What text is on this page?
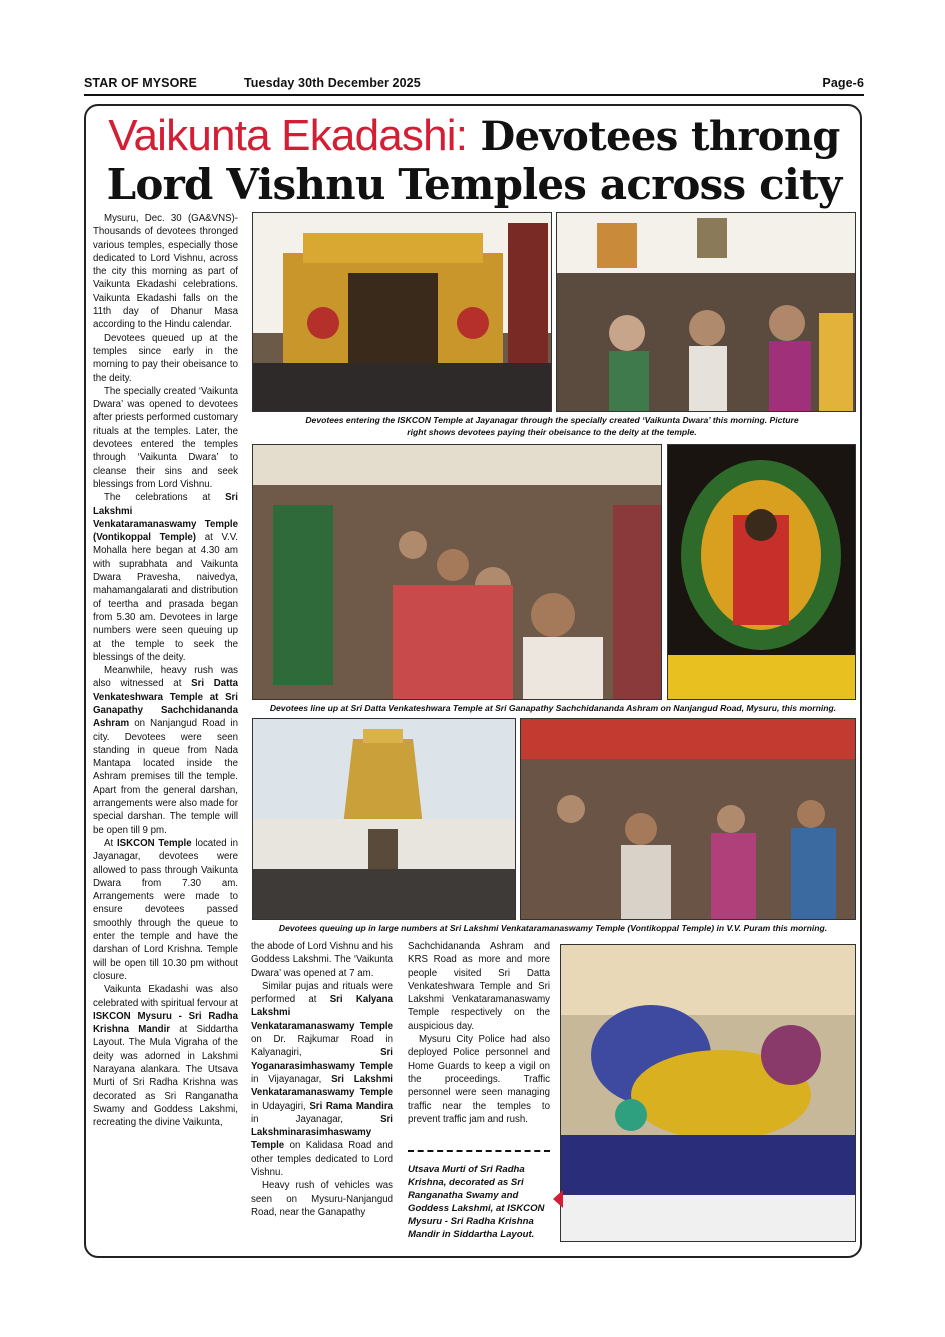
STAR OF MYSORE	Tuesday 30th December 2025	Page-6
Vaikunta Ekadashi: Devotees throng
Lord Vishnu Temples across city

Mysuru, Dec. 30 (GA&VNS)- Thousands of devotees thronged various temples, especially those dedicated to Lord Vishnu, across the city this morning as part of Vaikunta Ekadashi celebrations. Vaikunta Ekadashi falls on the 11th day of Dhanur Masa according to the Hindu calendar.

Devotees queued up at the temples since early in the morning to pay their obeisance to the deity.

The specially created ‘Vaikunta Dwara’ was opened to devotees after priests performed customary rituals at the temples. Later, the devotees entered the temples through ‘Vaikunta Dwara’ to cleanse their sins and seek blessings from Lord Vishnu.

The celebrations at Sri Lakshmi Venkataramanaswamy Temple (Vontikoppal Temple) at V.V. Mohalla here began at 4.30 am with suprabhata and Vaikunta Dwara Pravesha, naivedya, mahamangalarati and distribution of teertha and prasada began from 5.30 am. Devotees in large numbers were seen queuing up at the temple to seek the blessings of the deity.

Meanwhile, heavy rush was also witnessed at Sri Datta Venkateshwara Temple at Sri Ganapathy Sachchidananda Ashram on Nanjangud Road in city. Devotees were seen standing in queue from Nada Mantapa located inside the Ashram premises till the temple. Apart from the general darshan, arrangements were also made for special darshan. The temple will be open till 9 pm.

At ISKCON Temple located in Jayanagar, devotees were allowed to pass through Vaikunta Dwara from 7.30 am. Arrangements were made to ensure devotees passed smoothly through the queue to enter the temple and have the darshan of Lord Krishna. Temple will be open till 10.30 pm without closure.

Vaikunta Ekadashi was also celebrated with spiritual fervour at ISKCON Mysuru - Sri Radha Krishna Mandir at Siddartha Layout. The Mula Vigraha of the deity was adorned in Lakshmi Narayana alankara. The Utsava Murti of Sri Radha Krishna was decorated as Sri Ranganatha Swamy and Goddess Lakshmi, recreating the divine Vaikunta,

the abode of Lord Vishnu and his Goddess Lakshmi. The ‘Vaikunta Dwara’ was opened at 7 am.

Similar pujas and rituals were performed at Sri Kalyana Lakshmi Venkataramanaswamy Temple on Dr. Rajkumar Road in Kalyanagiri, Sri Yoganarasimhaswamy Temple in Vijayanagar, Sri Lakshmi Venkataramanaswamy Temple in Udayagiri, Sri Rama Mandira in Jayanagar, Sri Lakshminarasimhaswamy Temple on Kalidasa Road and other temples dedicated to Lord Vishnu.

Heavy rush of vehicles was seen on Mysuru-Nanjangud Road, near the Ganapathy

Sachchidananda Ashram and KRS Road as more and more people visited Sri Datta Venkateshwara Temple and Sri Lakshmi Venkataramanaswamy Temple respectively on the auspicious day.

Mysuru City Police had also deployed Police personnel and Home Guards to keep a vigil on the proceedings. Traffic personnel were seen managing traffic near the temples to prevent traffic jam and rush.

Devotees entering the ISKCON Temple at Jayanagar through the specially created ‘Vaikunta Dwara’ this morning. Picture right shows devotees paying their obeisance to the deity at the temple.
Devotees line up at Sri Datta Venkateshwara Temple at Sri Ganapathy Sachchidananda Ashram on Nanjangud Road, Mysuru, this morning.
Devotees queuing up in large numbers at Sri Lakshmi Venkataramanaswamy Temple (Vontikoppal Temple) in V.V. Puram this morning.
Utsava Murti of Sri Radha Krishna, decorated as Sri Ranganatha Swamy and Goddess Lakshmi, at ISKCON Mysuru - Sri Radha Krishna Mandir in Siddartha Layout.
